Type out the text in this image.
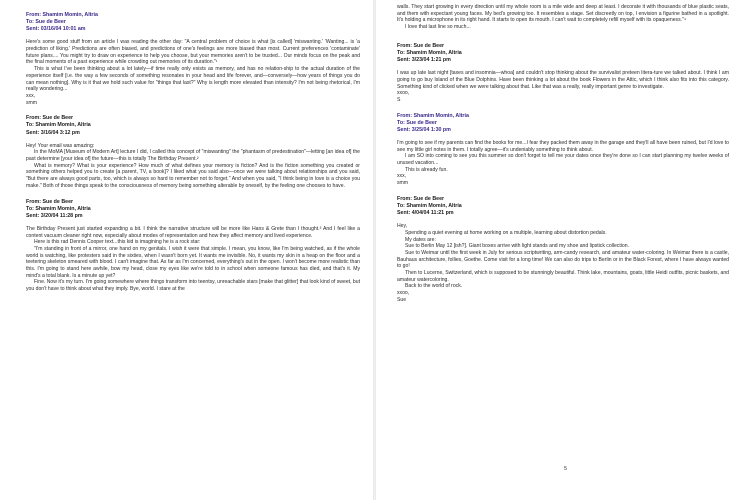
From: Shamim Momin, Altria
To: Sue de Beer
Sent: 03/16/04 10:01 am

Here's some good stuff from an article I was reading the other day: "A central problem of choice is what [is called] 'miswanting.' 'Wanting... is 'a prediction of liking.' Predictions are often biased, and predictions of one's feelings are more biased than most. Current preferences 'contaminate' future plans.... You might try to draw on experience to help you choose, but your memories aren't to be trusted... Our minds focus on the peak and the final moments of a past experience while crowding out memories of its duration."¹

This is what I've been thinking about a lot lately—if time really only exists as memory, and has no relation-ship to the actual duration of the experience itself [i.e. the way a few seconds of something resonates in your head and life forever, and—conversely—how years of things you do can mean nothing]. Why is it that we hold such value for "things that last?" Why is length more elevated than intensity? I'm not being rhetorical, I'm really wondering...

xxx,

smm

From: Sue de Beer
To: Shamim Momin, Altria
Sent: 3/16/04 3:12 pm

Hey! Your email was amazing:

In the MoMA [Museum of Modern Art] lecture I did, I called this concept of "miswanting" the "phantasm of predestination"—letting [an idea of] the past determine [your idea of] the future—this is totally The Birthday Present.²

What is memory? What is your experience? How much of what defines your memory is fiction? And is the fiction something you created or something others helped you to create [a parent, TV, a book]? I liked what you said also—once we were talking about relationships and you said, "But there are always good parts, too, which is always so hard to remember not to forget." And when you said, "I think being in love is a choice you make." Both of those things speak to the consciousness of memory being something alterable by oneself, by the feeling one chooses to have.

From: Sue de Beer
To: Shamim Momin, Altria
Sent: 3/20/04 11:28 pm

The Birthday Present just started expanding a bit. I think the narrative structure will be more like Hans & Grete than I thought.³ And I feel like a content vacuum cleaner right now, especially about modes of representation and how they affect memory and lived experience.

Here is this rad Dennis Cooper text...this kid is imagining he is a rock star:

"I'm standing in front of a mirror, one hand on my genitals. I wish it were that simple. I mean, you know, like I'm being watched, as if the whole world is watching, like protesters said in the sixties, when I wasn't born yet. It wants me invisible. No, it wants my skin in a heap on the floor and a teetering skeleton smeared with blood. I can't imagine that. As far as I'm concerned, everything's out in the open. I won't become more realistic than this. I'm going to stand here awhile, bow my head, close my eyes like we're told to in school when someone famous has died, and that's it. My mind's a total blank. Is a minute up yet?

Fine. Now it's my turn. I'm going somewhere where things transform into teentsy, unreachable stars [make that glitter] that look kind of sweet, but you don't have to think about what they imply. Bye, world. I stare at the

walls. They start growing in every direction until my whole room is a mile wide and deep at least. I decorate it with thousands of blue plastic seats, and them with expectant young faces. My bed's growing too. It resembles a stage. Set discreetly on top, I envision a figurine bathed in a spotlight. It's holding a microphone in its right hand. It starts to open its mouth. I can't wait to completely refill myself with its opaqueness."⁴

I love that last line so much...

From: Sue de Beer
To: Shamim Momin, Altria
Sent: 3/23/04 1:21 pm

I was up late last night [taxes and insomnia—whoa] and couldn't stop thinking about the survivalist preteen litera-ture we talked about. I think I am going to go buy Island of the Blue Dolphins. Have been thinking a lot about the book Flowers in the Attic, which I think also fits into this category. Something kind of clicked when we were talking about that. Like that was a really, really important genre to investigate.

xxoo,

S

From: Shamim Momin, Altria
To: Sue de Beer
Sent: 3/25/04 1:30 pm

I'm going to see if my parents can find the books for me...I fear they packed them away in the garage and they'll all have been ruined, but I'd love to see my little girl notes in them. I totally agree—it's undeniably something to think about.

I am SO into coming to see you this summer so don't forget to tell me your dates once they're done so I can start planning my twelve weeks of unused vacation...

This is already fun.

xxx,

smm

From: Sue de Beer
To: Shamim Momin, Altria
Sent: 4/04/04 11:21 pm

Hey,

Spending a quiet evening at home working on a multiple, learning about distortion pedals.

My dates are:

Sue to Berlin May 12 [ish?]. Giant boxes arrive with light stands and my shoe and lipstick collection.

Sue to Weimar until the first week in July for serious scriptwriting, arm-candy research, and amateur water-coloring. In Weimar there is a castle, Bauhaus architecture, follies, Goethe. Come visit for a long time! We can also do trips to Berlin or in the Black Forest, where I have always wanted to go!

Then to Lucerne, Switzerland, which is supposed to be stunningly beautiful. Think lake, mountains, goats, little Heidi outfits, picnic baskets, and amateur watercoloring.

Back to the world of rock.

xxoo,

Sue

5
